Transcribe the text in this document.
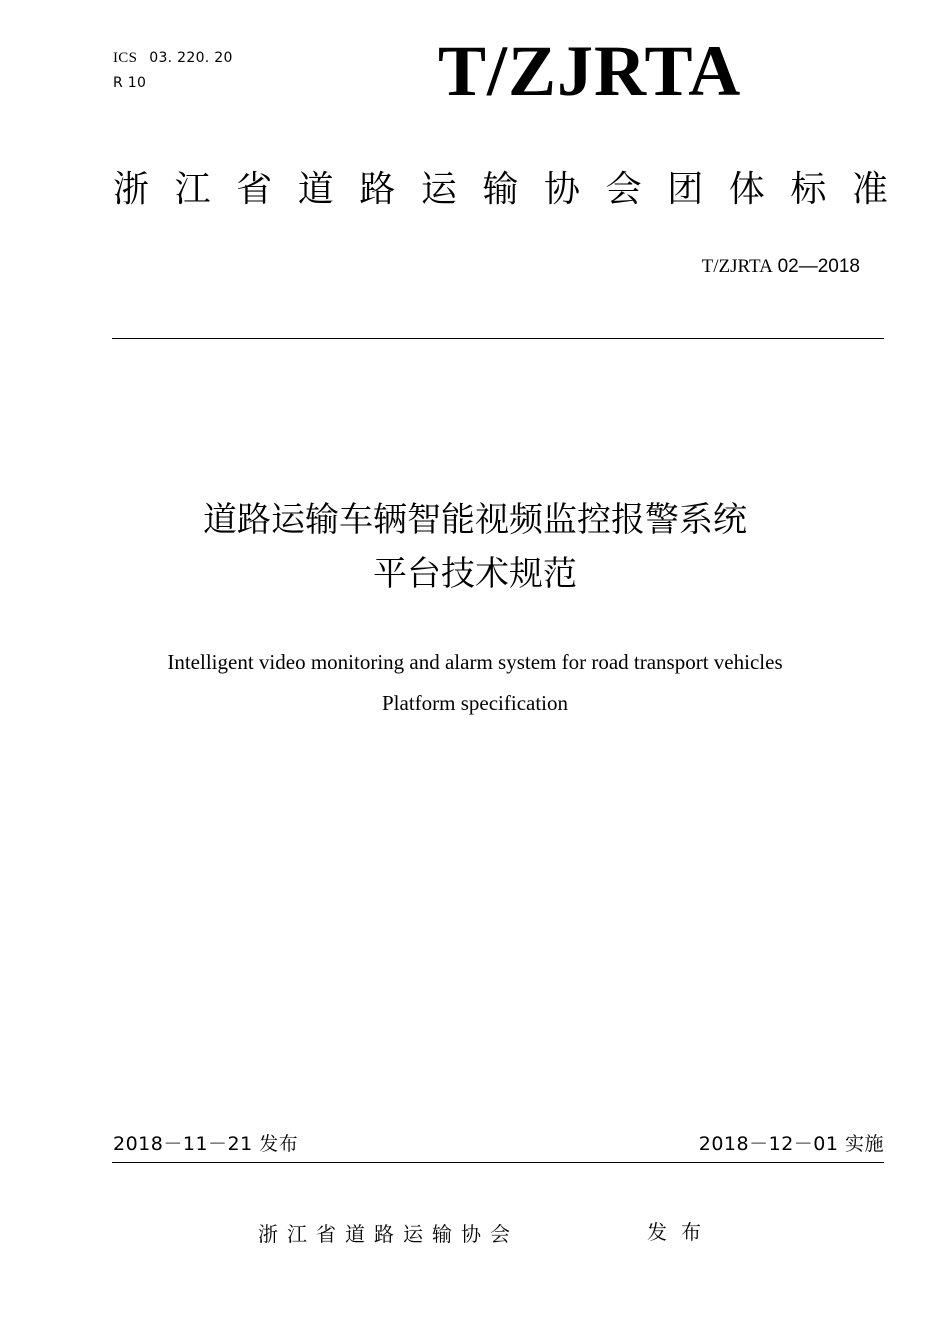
ICS 03. 220. 20
R 10	T/ZJRTA
浙 江 省 道 路 运 输 协 会 团 体 标 准
T/ZJRTA 02—2018
道路运输车辆智能视频监控报警系统
平台技术规范
Intelligent video monitoring and alarm system for road transport vehicles
Platform specification
2018－11－21 发布	2018－12－01 实施
浙江省道路运输协会	发布
